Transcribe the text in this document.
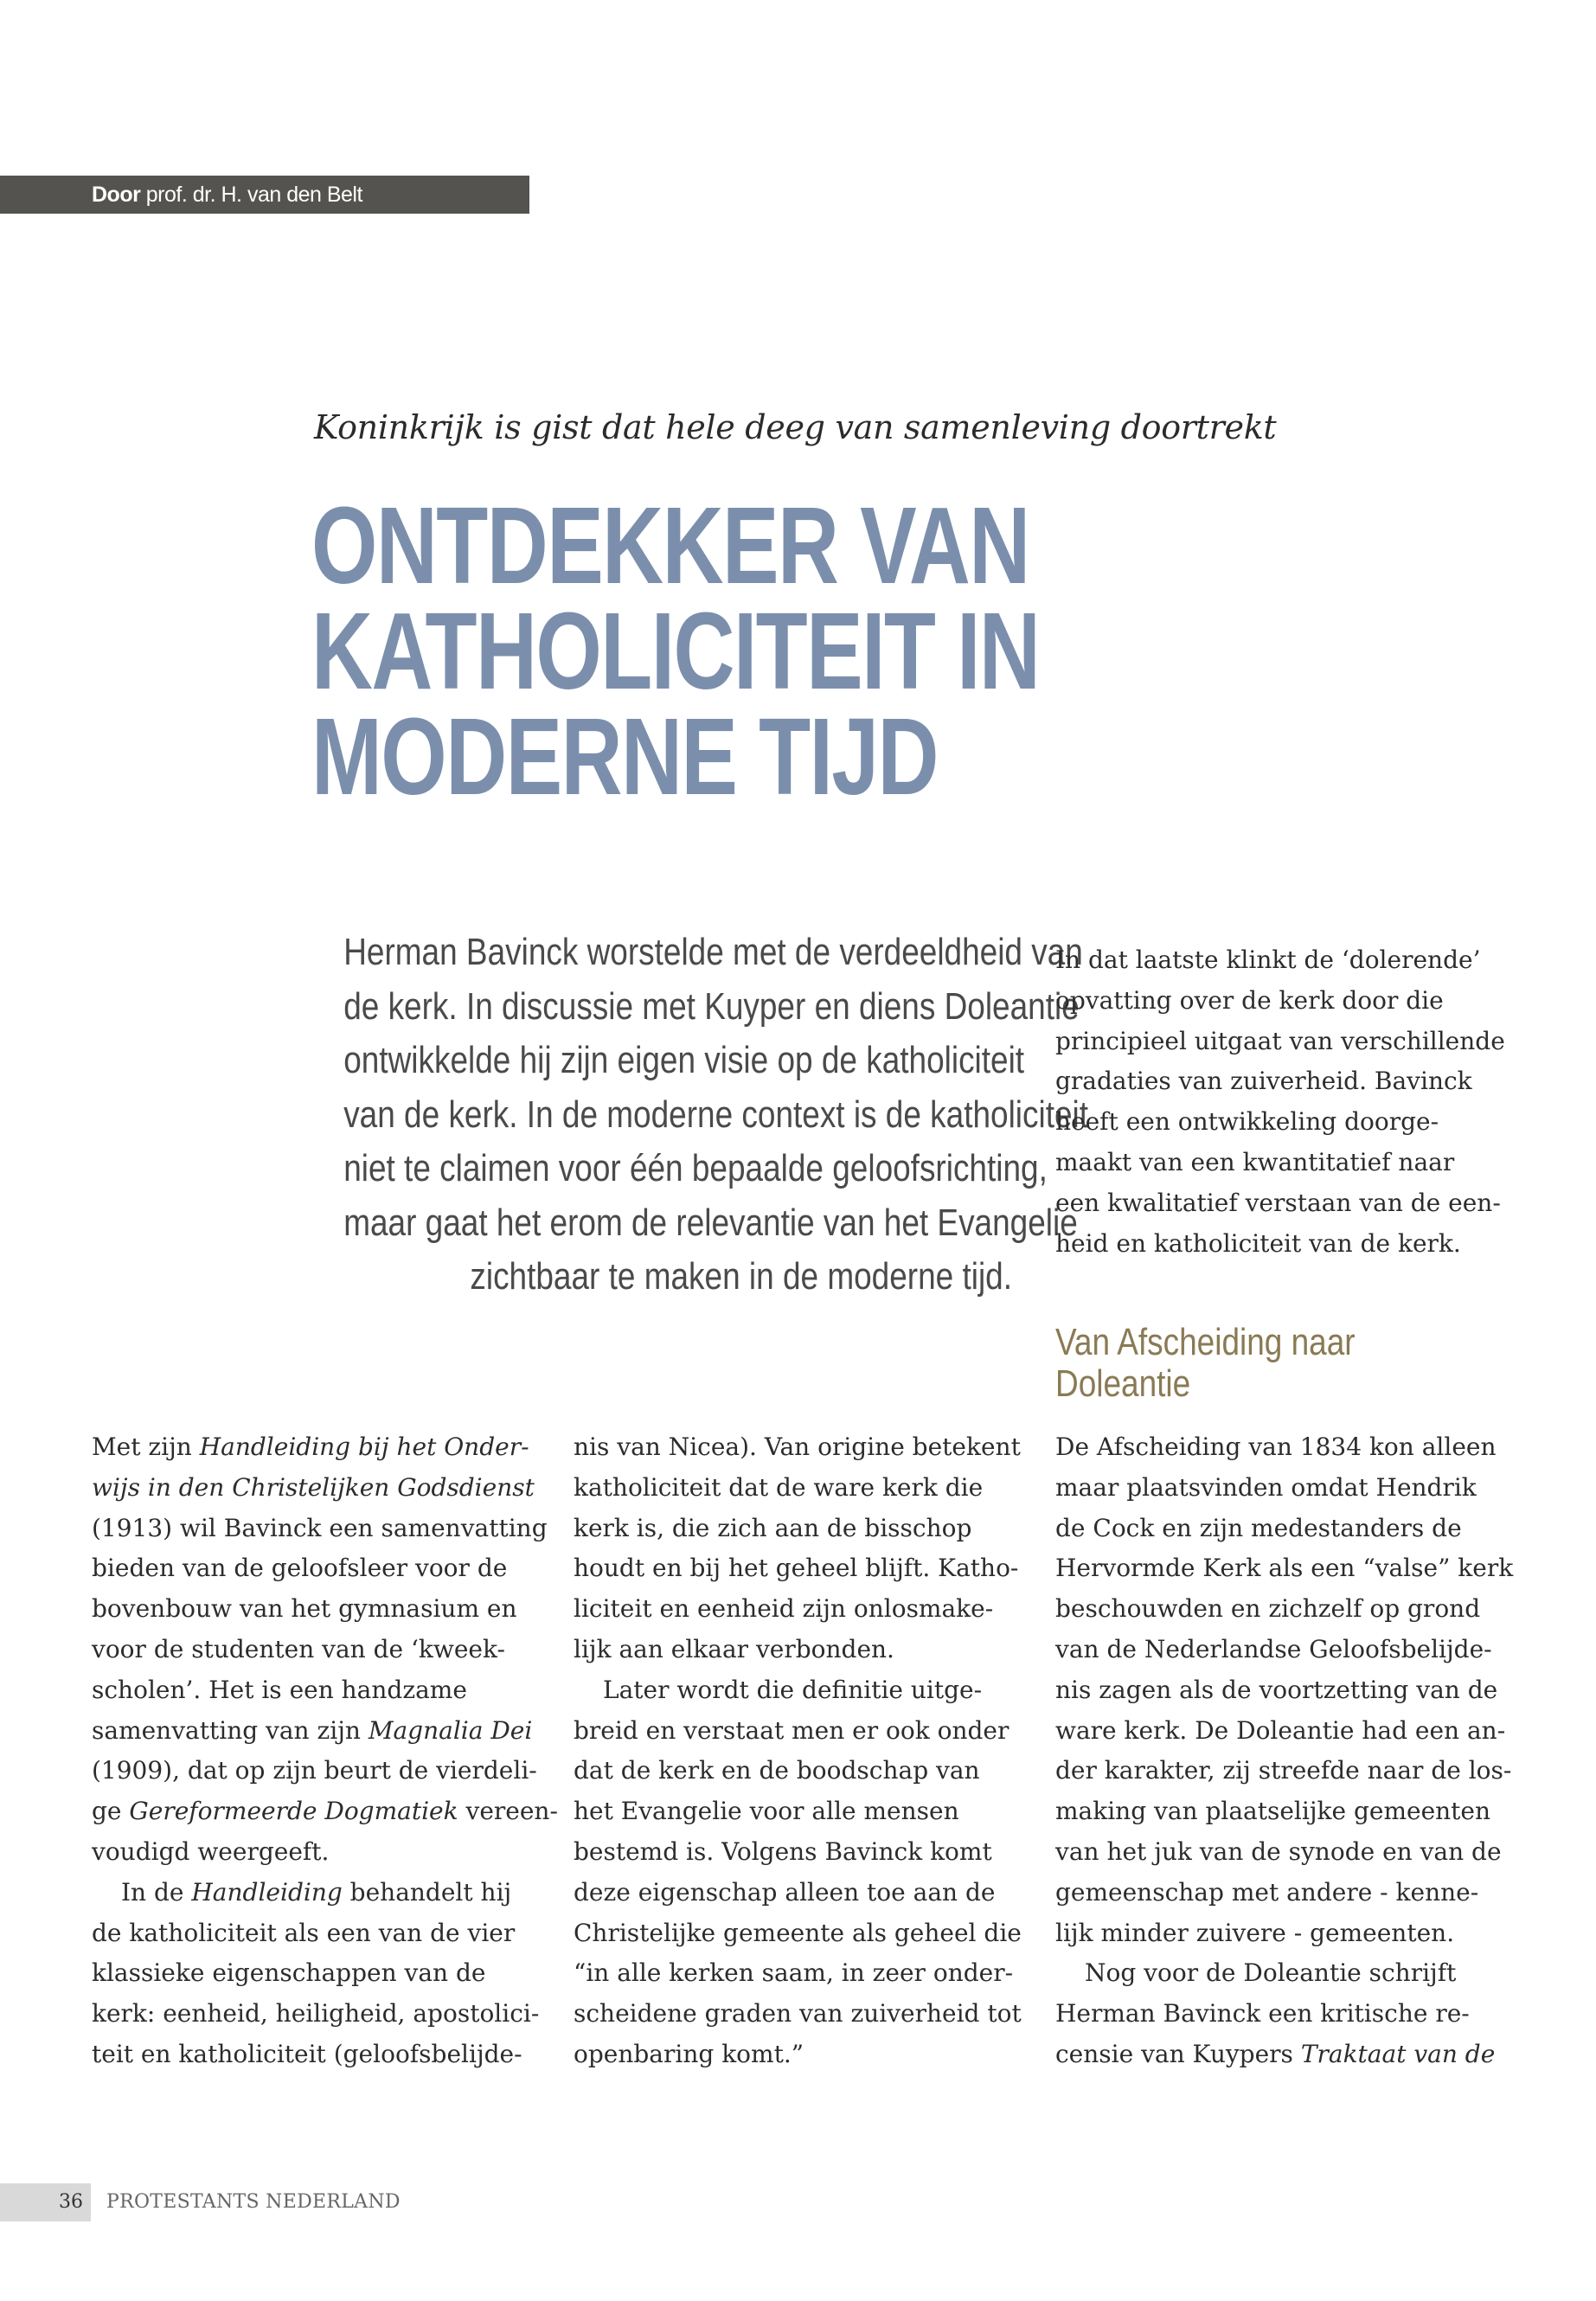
Door prof. dr. H. van den Belt
Koninkrijk is gist dat hele deeg van samenleving doortrekt
ONTDEKKER VAN
KATHOLICITEIT IN
MODERNE TIJD
Herman Bavinck worstelde met de verdeeldheid van
de kerk. In discussie met Kuyper en diens Doleantie
ontwikkelde hij zijn eigen visie op de katholiciteit
van de kerk. In de moderne context is de katholiciteit
niet te claimen voor één bepaalde geloofsrichting,
maar gaat het erom de relevantie van het Evangelie
zichtbaar te maken in de moderne tijd.
In dat laatste klinkt de ‘dolerende’
opvatting over de kerk door die
principieel uitgaat van verschillende
gradaties van zuiverheid. Bavinck
heeft een ontwikkeling doorge-
maakt van een kwantitatief naar
een kwalitatief verstaan van de een-
heid en katholiciteit van de kerk.
Van Afscheiding naar
Doleantie
Met zijn Handleiding bij het Onder-
wijs in den Christelijken Godsdienst
(1913) wil Bavinck een samenvatting
bieden van de geloofsleer voor de
bovenbouw van het gymnasium en
voor de studenten van de ‘kweek-
scholen’. Het is een handzame
samenvatting van zijn Magnalia Dei
(1909), dat op zijn beurt de vierdeli-
ge Gereformeerde Dogmatiek vereen-
voudigd weergeeft.
In de Handleiding behandelt hij
de katholiciteit als een van de vier
klassieke eigenschappen van de
kerk: eenheid, heiligheid, apostolici-
teit en katholiciteit (geloofsbelijde-
nis van Nicea). Van origine betekent
katholiciteit dat de ware kerk die
kerk is, die zich aan de bisschop
houdt en bij het geheel blijft. Katho-
liciteit en eenheid zijn onlosmake-
lijk aan elkaar verbonden.
Later wordt die definitie uitge-
breid en verstaat men er ook onder
dat de kerk en de boodschap van
het Evangelie voor alle mensen
bestemd is. Volgens Bavinck komt
deze eigenschap alleen toe aan de
Christelijke gemeente als geheel die
“in alle kerken saam, in zeer onder-
scheidene graden van zuiverheid tot
openbaring komt.”
De Afscheiding van 1834 kon alleen
maar plaatsvinden omdat Hendrik
de Cock en zijn medestanders de
Hervormde Kerk als een “valse” kerk
beschouwden en zichzelf op grond
van de Nederlandse Geloofsbelijde-
nis zagen als de voortzetting van de
ware kerk. De Doleantie had een an-
der karakter, zij streefde naar de los-
making van plaatselijke gemeenten
van het juk van de synode en van de
gemeenschap met andere - kenne-
lijk minder zuivere - gemeenten.
Nog voor de Doleantie schrijft
Herman Bavinck een kritische re-
censie van Kuypers Traktaat van de
36 PROTESTANTS NEDERLAND
